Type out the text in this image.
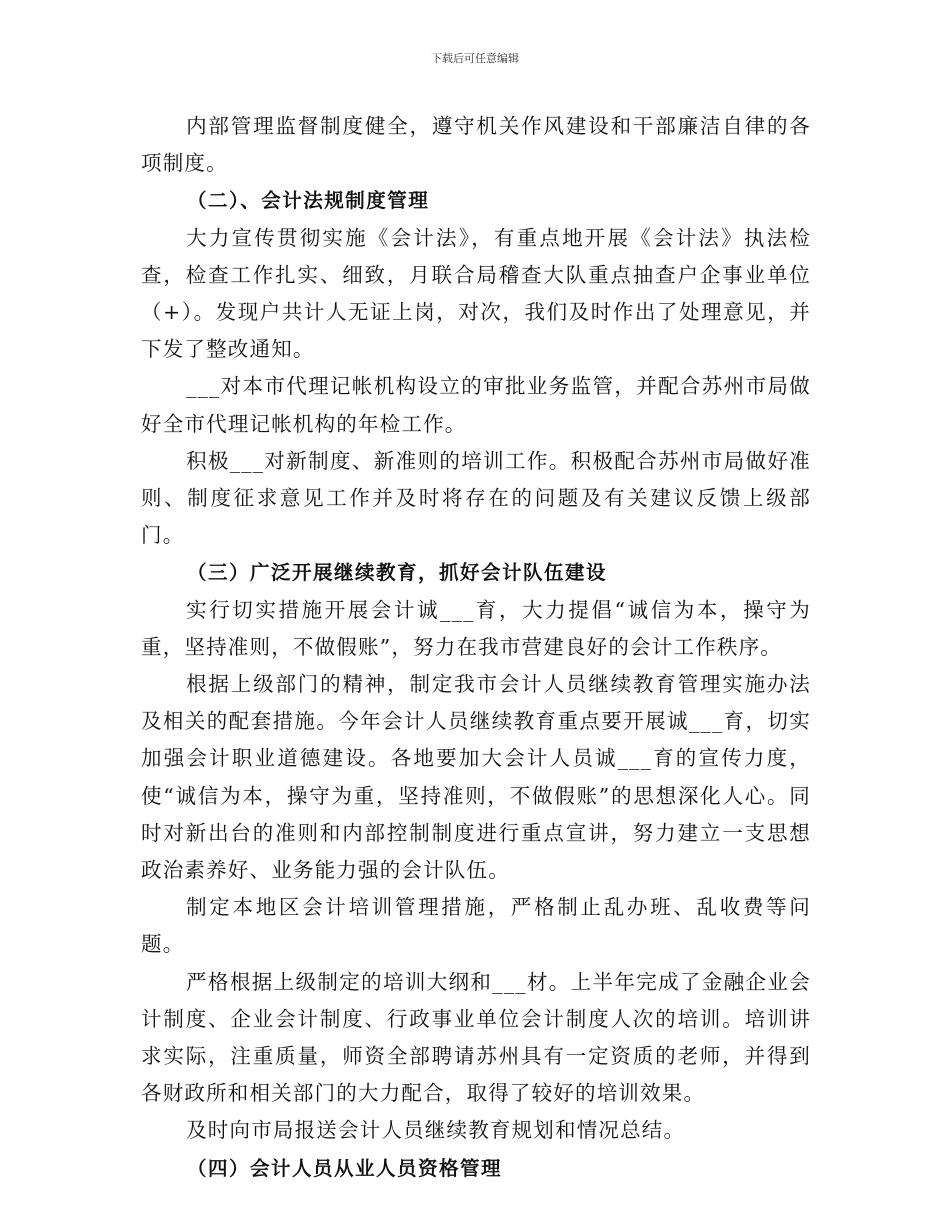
下载后可任意编辑

内部管理监督制度健全，遵守机关作风建设和干部廉洁自律的各项制度。

（二）、会计法规制度管理

大力宣传贯彻实施《会计法》，有重点地开展《会计法》执法检查，检查工作扎实、细致，月联合局稽查大队重点抽查户企事业单位（+）。发现户共计人无证上岗，对次，我们及时作出了处理意见，并下发了整改通知。

___对本市代理记帐机构设立的审批业务监管，并配合苏州市局做好全市代理记帐机构的年检工作。

积极___对新制度、新准则的培训工作。积极配合苏州市局做好准则、制度征求意见工作并及时将存在的问题及有关建议反馈上级部门。

（三）广泛开展继续教育，抓好会计队伍建设

实行切实措施开展会计诚___育，大力提倡“诚信为本，操守为重，坚持准则，不做假账”，努力在我市营建良好的会计工作秩序。

根据上级部门的精神，制定我市会计人员继续教育管理实施办法及相关的配套措施。今年会计人员继续教育重点要开展诚___育，切实加强会计职业道德建设。各地要加大会计人员诚___育的宣传力度，使“诚信为本，操守为重，坚持准则，不做假账”的思想深化人心。同时对新出台的准则和内部控制制度进行重点宣讲，努力建立一支思想政治素养好、业务能力强的会计队伍。

制定本地区会计培训管理措施，严格制止乱办班、乱收费等问题。

严格根据上级制定的培训大纲和___材。上半年完成了金融企业会计制度、企业会计制度、行政事业单位会计制度人次的培训。培训讲求实际，注重质量，师资全部聘请苏州具有一定资质的老师，并得到各财政所和相关部门的大力配合，取得了较好的培训效果。

及时向市局报送会计人员继续教育规划和情况总结。

（四）会计人员从业人员资格管理
